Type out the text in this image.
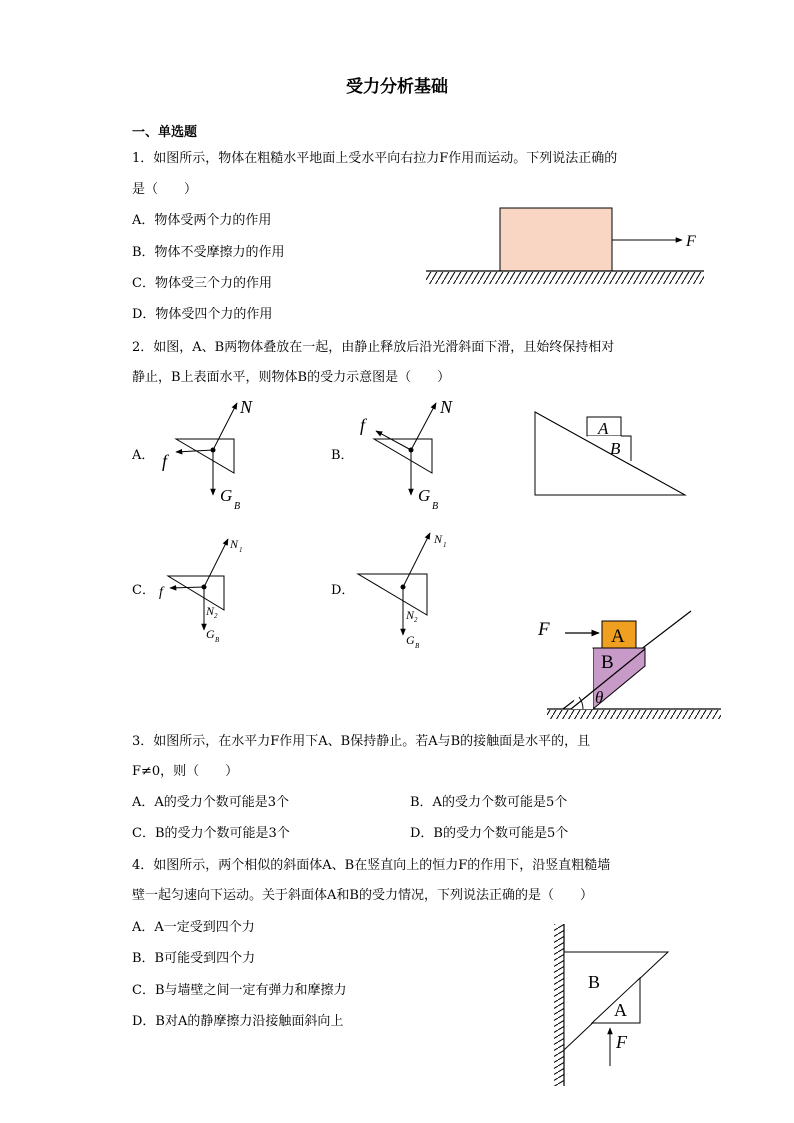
受力分析基础
一、单选题
1．如图所示，物体在粗糙水平地面上受水平向右拉力F作用而运动。下列说法正确的
是（　　）
A．物体受两个力的作用
B．物体不受摩擦力的作用
C．物体受三个力的作用
D．物体受四个力的作用
F
2．如图，A、B两物体叠放在一起，由静止释放后沿光滑斜面下滑，且始终保持相对
静止，B上表面水平，则物体B的受力示意图是（　　）
A．
N
f
G
B
B．
N
f
G
B
A
B
C．
N 1
N 2
f
G B
D．
N 1
N 2
G B
F	A
B
θ
3．如图所示，在水平力F作用下A、B保持静止。若A与B的接触面是水平的，且
F≠0，则（　　）
A．A的受力个数可能是3个	B．A的受力个数可能是5个
C．B的受力个数可能是3个	D．B的受力个数可能是5个
4．如图所示，两个相似的斜面体A、B在竖直向上的恒力F的作用下，沿竖直粗糙墙
壁一起匀速向下运动。关于斜面体A和B的受力情况，下列说法正确的是（　　）
A．A一定受到四个力
B．B可能受到四个力
C．B与墙壁之间一定有弹力和摩擦力
D．B对A的静摩擦力沿接触面斜向上
B
A
F
